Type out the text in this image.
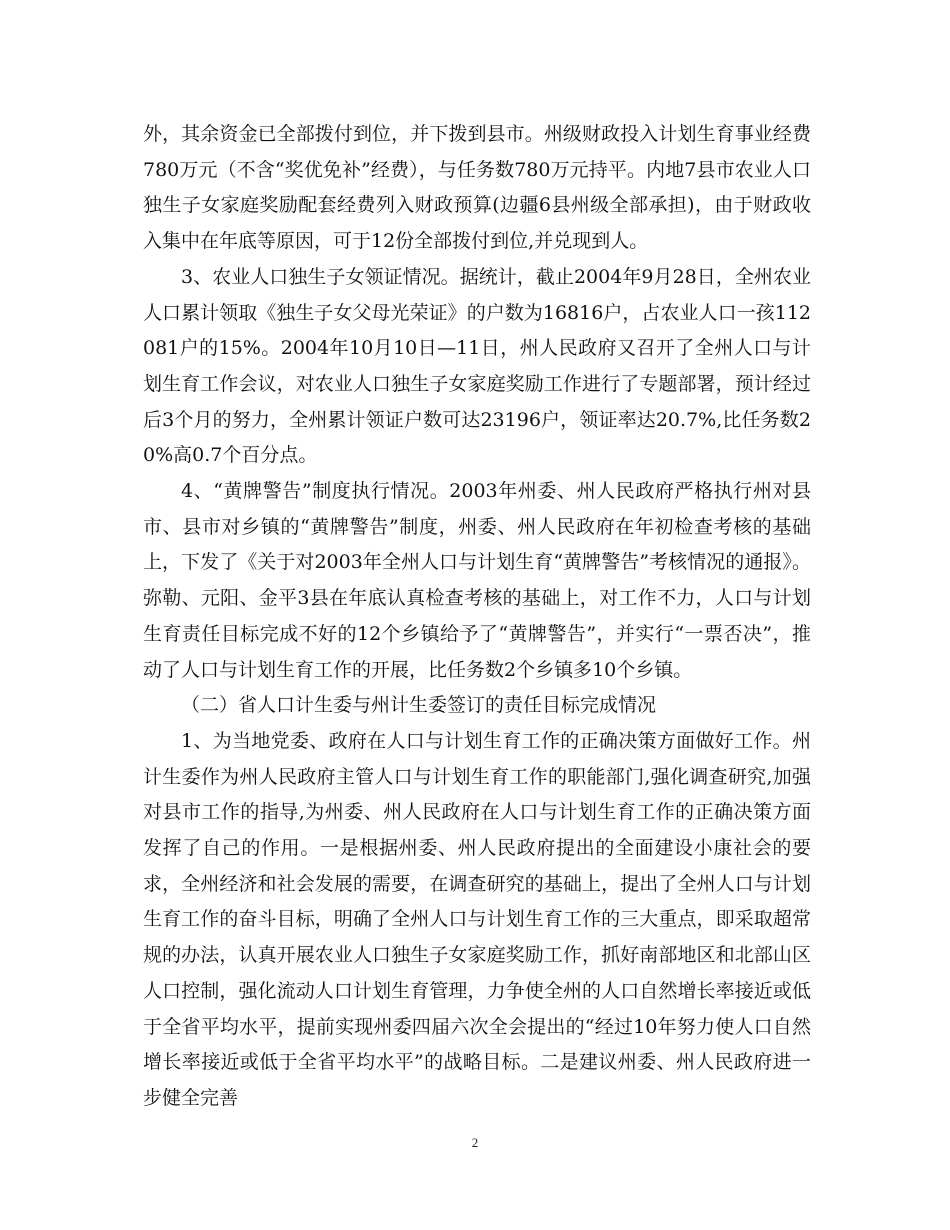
外，其余资金已全部拨付到位，并下拨到县市。州级财政投入计划生育事业经费780万元（不含“奖优免补”经费），与任务数780万元持平。内地7县市农业人口独生子女家庭奖励配套经费列入财政预算(边疆6县州级全部承担)，由于财政收入集中在年底等原因，可于12份全部拨付到位,并兑现到人。

3、农业人口独生子女领证情况。据统计，截止2004年9月28日，全州农业人口累计领取《独生子女父母光荣证》的户数为16816户，占农业人口一孩112081户的15%。2004年10月10日—11日，州人民政府又召开了全州人口与计划生育工作会议，对农业人口独生子女家庭奖励工作进行了专题部署，预计经过后3个月的努力，全州累计领证户数可达23196户，领证率达20.7%,比任务数20%高0.7个百分点。

4、“黄牌警告”制度执行情况。2003年州委、州人民政府严格执行州对县市、县市对乡镇的“黄牌警告”制度，州委、州人民政府在年初检查考核的基础上，下发了《关于对2003年全州人口与计划生育“黄牌警告”考核情况的通报》。弥勒、元阳、金平3县在年底认真检查考核的基础上，对工作不力，人口与计划生育责任目标完成不好的12个乡镇给予了“黄牌警告”，并实行“一票否决”，推动了人口与计划生育工作的开展，比任务数2个乡镇多10个乡镇。

（二）省人口计生委与州计生委签订的责任目标完成情况

1、为当地党委、政府在人口与计划生育工作的正确决策方面做好工作。州计生委作为州人民政府主管人口与计划生育工作的职能部门,强化调查研究,加强对县市工作的指导,为州委、州人民政府在人口与计划生育工作的正确决策方面发挥了自己的作用。一是根据州委、州人民政府提出的全面建设小康社会的要求，全州经济和社会发展的需要，在调查研究的基础上，提出了全州人口与计划生育工作的奋斗目标，明确了全州人口与计划生育工作的三大重点，即采取超常规的办法，认真开展农业人口独生子女家庭奖励工作，抓好南部地区和北部山区人口控制，强化流动人口计划生育管理，力争使全州的人口自然增长率接近或低于全省平均水平，提前实现州委四届六次全会提出的“经过10年努力使人口自然增长率接近或低于全省平均水平”的战略目标。二是建议州委、州人民政府进一步健全完善

2
